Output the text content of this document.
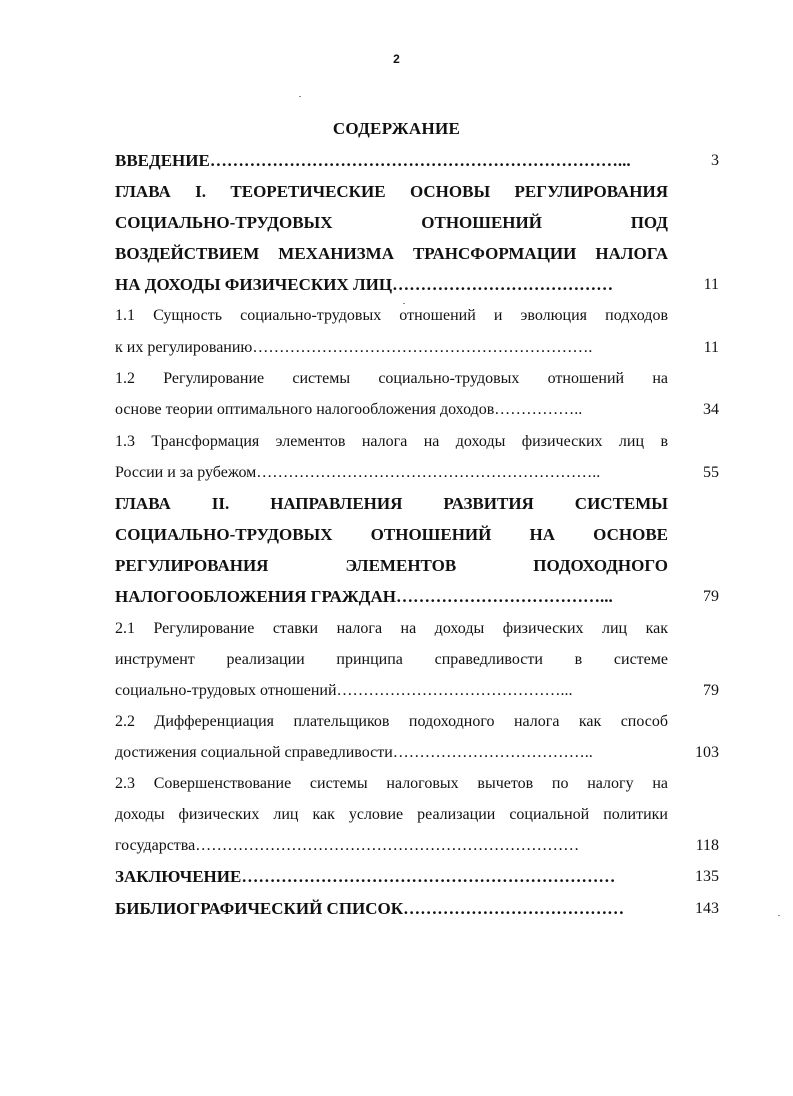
2
СОДЕРЖАНИЕ
ВВЕДЕНИЕ………………………………………………………………...	3
ГЛАВА I. ТЕОРЕТИЧЕСКИЕ ОСНОВЫ РЕГУЛИРОВАНИЯ
СОЦИАЛЬНО-ТРУДОВЫХ ОТНОШЕНИЙ ПОД
ВОЗДЕЙСТВИЕМ МЕХАНИЗМА ТРАНСФОРМАЦИИ НАЛОГА
НА ДОХОДЫ ФИЗИЧЕСКИХ ЛИЦ…………………………………	11
1.1 Сущность социально-трудовых отношений и эволюция подходов
к их регулированию……………………………………………………….	11
1.2 Регулирование системы социально-трудовых отношений на
основе теории оптимального налогообложения доходов……………..	34
1.3 Трансформация элементов налога на доходы физических лиц в
России и за рубежом………………………………………………………..	55
ГЛАВА II. НАПРАВЛЕНИЯ РАЗВИТИЯ СИСТЕМЫ
СОЦИАЛЬНО-ТРУДОВЫХ ОТНОШЕНИЙ НА ОСНОВЕ
РЕГУЛИРОВАНИЯ ЭЛЕМЕНТОВ ПОДОХОДНОГО
НАЛОГООБЛОЖЕНИЯ ГРАЖДАН………………………………...	79
2.1 Регулирование ставки налога на доходы физических лиц как
инструмент реализации принципа справедливости в системе
социально-трудовых отношений……………………………………...	79
2.2 Дифференциация плательщиков подоходного налога как способ
достижения социальной справедливости………………………………..	103
2.3 Совершенствование системы налоговых вычетов по налогу на
доходы физических лиц как условие реализации социальной политики
государства………………………………………………………………	118
ЗАКЛЮЧЕНИЕ…………………………………………………………	135
БИБЛИОГРАФИЧЕСКИЙ СПИСОК…………………………………	143
